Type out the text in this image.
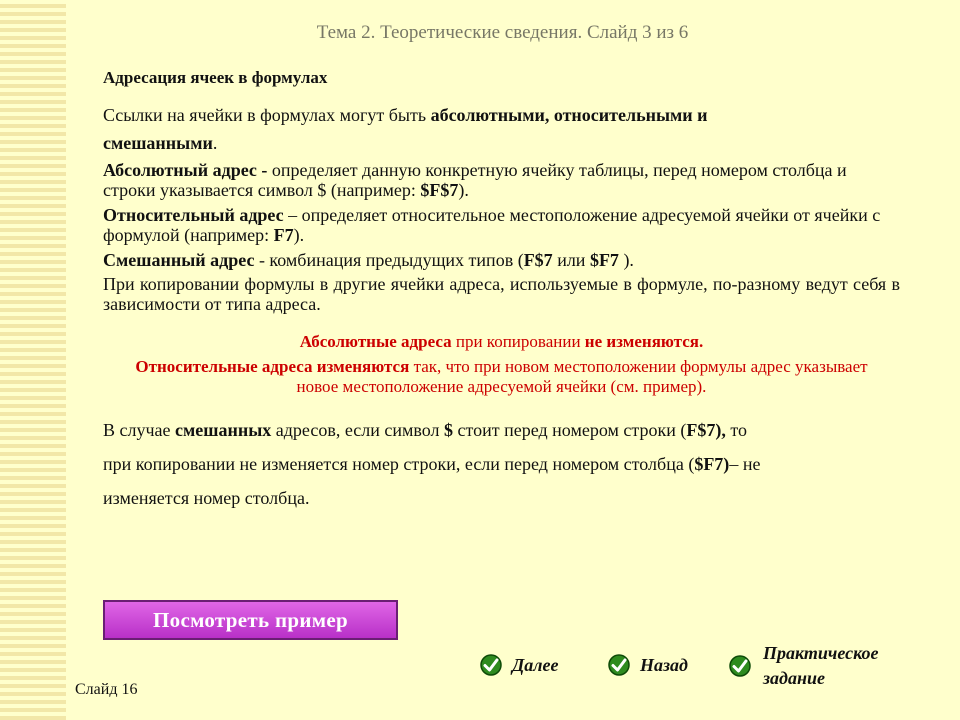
Тема 2. Теоретические сведения. Слайд 3 из 6
Адресация ячеек в формулах
Ссылки на ячейки в формулах могут быть абсолютными, относительными и
смешанными.
Абсолютный адрес - определяет данную конкретную ячейку таблицы, перед номером столбца и строки указывается символ $ (например: $F$7).
Относительный адрес – определяет относительное местоположение адресуемой ячейки от ячейки с формулой (например: F7).
Смешанный адрес - комбинация предыдущих типов (F$7 или $F7 ).
При копировании формулы в другие ячейки адреса, используемые в формуле, по-разному ведут себя в зависимости от типа адреса.
Абсолютные адреса при копировании не изменяются.
Относительные адреса изменяются так, что при новом местоположении формулы адрес указывает новое местоположение адресуемой ячейки (см. пример).
В случае смешанных адресов, если символ $ стоит перед номером строки (F$7), то
при копировании не изменяется номер строки, если перед номером столбца ($F7)– не
изменяется номер столбца.
Посмотреть пример
Далее	Назад
Практическое
задание
Слайд 16
